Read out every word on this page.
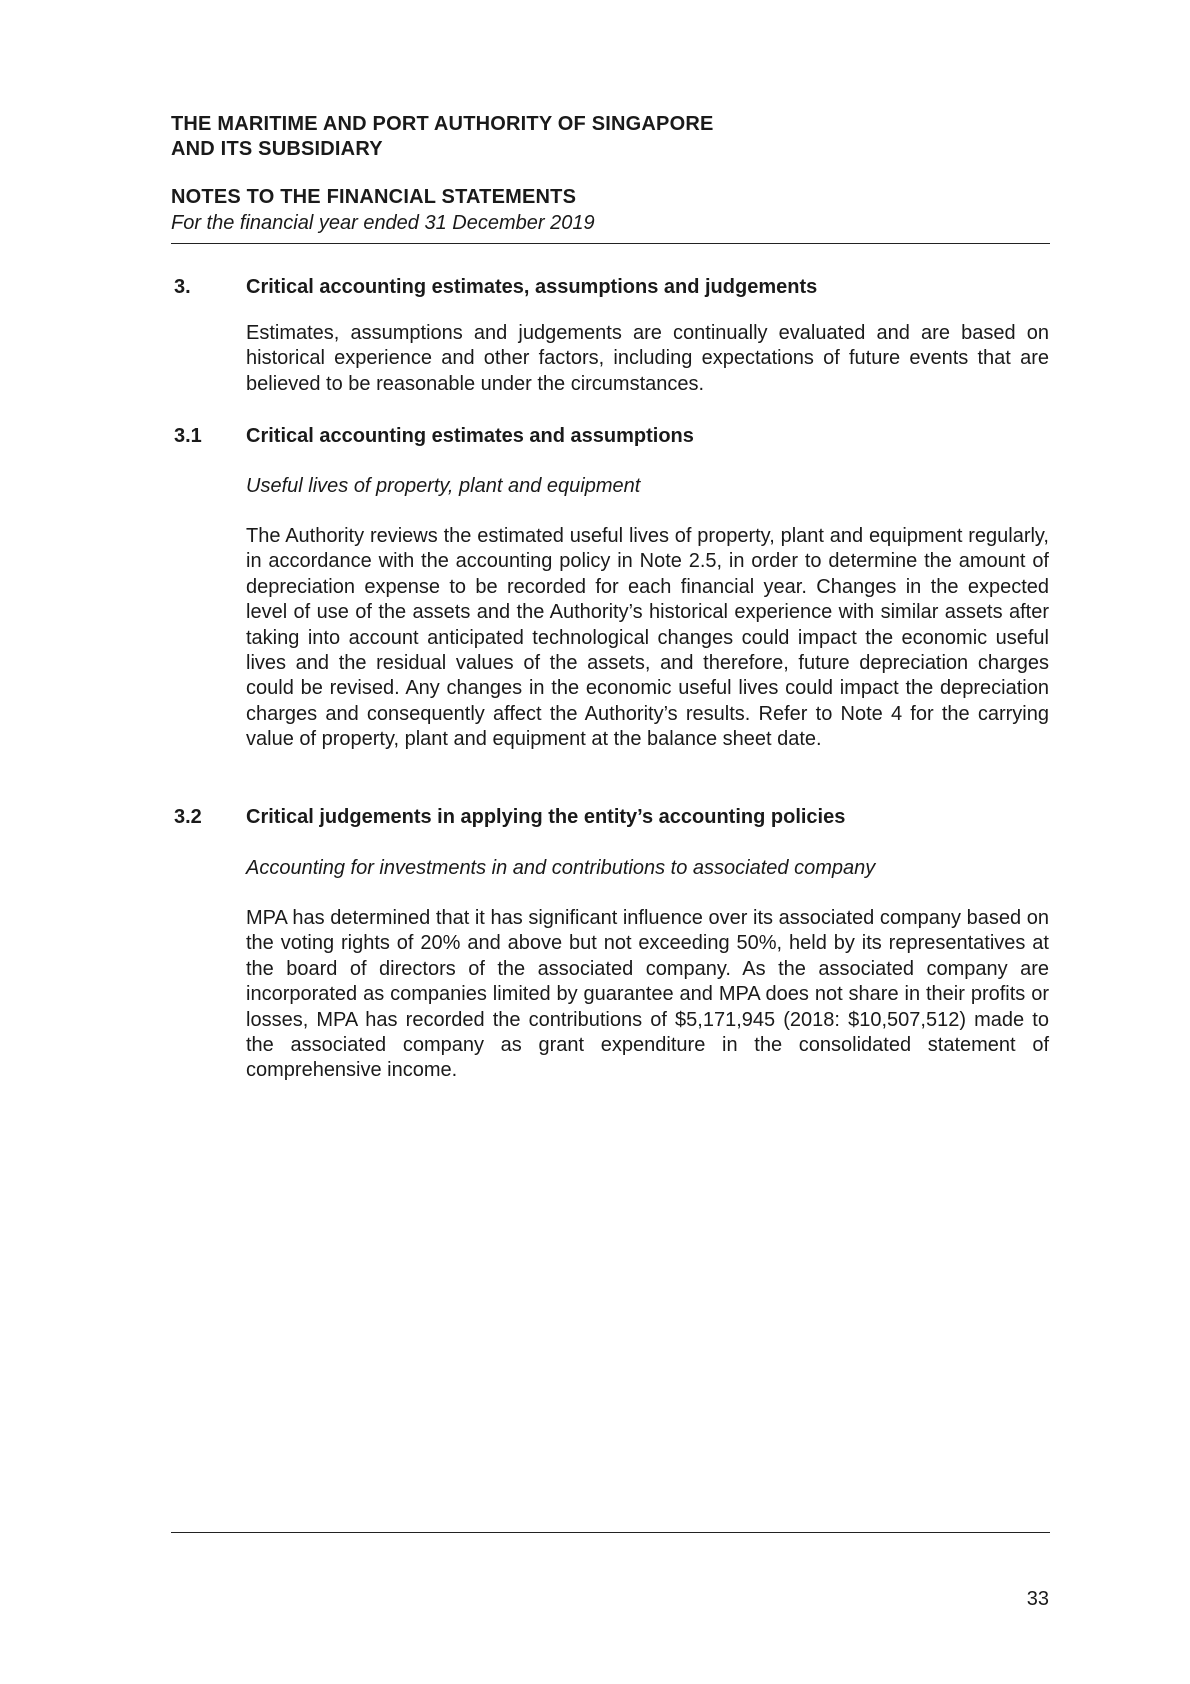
THE MARITIME AND PORT AUTHORITY OF SINGAPORE
AND ITS SUBSIDIARY
NOTES TO THE FINANCIAL STATEMENTS
For the financial year ended 31 December 2019
3.	Critical accounting estimates, assumptions and judgements
Estimates, assumptions and judgements are continually evaluated and are based on historical experience and other factors, including expectations of future events that are believed to be reasonable under the circumstances.
3.1 Critical accounting estimates and assumptions
Useful lives of property, plant and equipment
The Authority reviews the estimated useful lives of property, plant and equipment regularly, in accordance with the accounting policy in Note 2.5, in order to determine the amount of depreciation expense to be recorded for each financial year. Changes in the expected level of use of the assets and the Authority’s historical experience with similar assets after taking into account anticipated technological changes could impact the economic useful lives and the residual values of the assets, and therefore, future depreciation charges could be revised. Any changes in the economic useful lives could impact the depreciation charges and consequently affect the Authority’s results. Refer to Note 4 for the carrying value of property, plant and equipment at the balance sheet date.
3.2 Critical judgements in applying the entity’s accounting policies
Accounting for investments in and contributions to associated company
MPA has determined that it has significant influence over its associated company based on the voting rights of 20% and above but not exceeding 50%, held by its representatives at the board of directors of the associated company. As the associated company are incorporated as companies limited by guarantee and MPA does not share in their profits or losses, MPA has recorded the contributions of $5,171,945 (2018: $10,507,512) made to the associated company as grant expenditure in the consolidated statement of comprehensive income.
33
